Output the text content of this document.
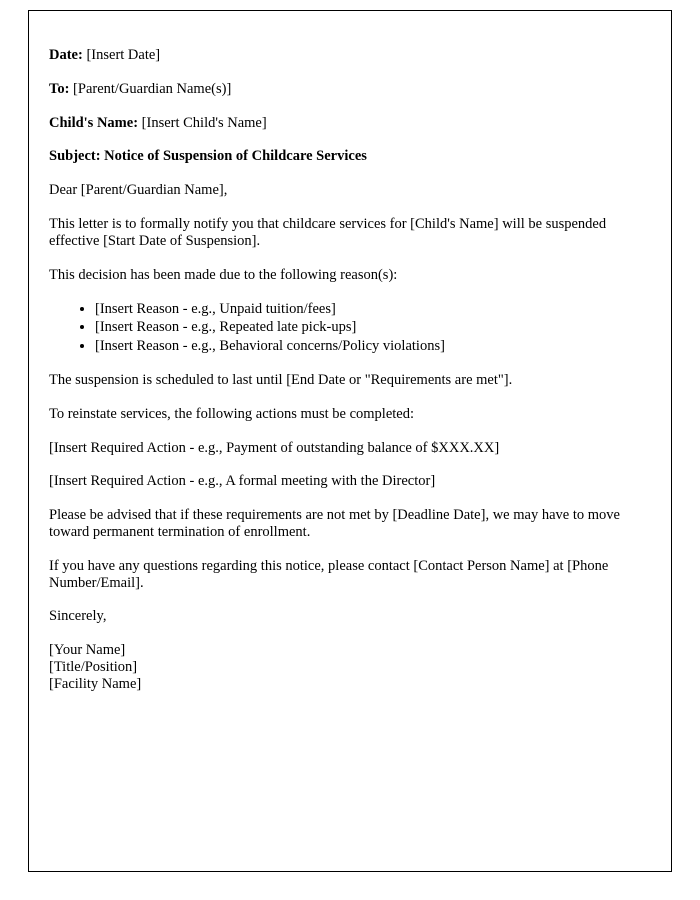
Date: [Insert Date]

To: [Parent/Guardian Name(s)]

Child's Name: [Insert Child's Name]

Subject: Notice of Suspension of Childcare Services

Dear [Parent/Guardian Name],

This letter is to formally notify you that childcare services for [Child's Name] will be suspended effective [Start Date of Suspension].

This decision has been made due to the following reason(s):

• [Insert Reason - e.g., Unpaid tuition/fees]
• [Insert Reason - e.g., Repeated late pick-ups]
• [Insert Reason - e.g., Behavioral concerns/Policy violations]

The suspension is scheduled to last until [End Date or "Requirements are met"].

To reinstate services, the following actions must be completed:

[Insert Required Action - e.g., Payment of outstanding balance of $XXX.XX]

[Insert Required Action - e.g., A formal meeting with the Director]

Please be advised that if these requirements are not met by [Deadline Date], we may have to move toward permanent termination of enrollment.

If you have any questions regarding this notice, please contact [Contact Person Name] at [Phone Number/Email].

Sincerely,

[Your Name]

[Title/Position]

[Facility Name]
